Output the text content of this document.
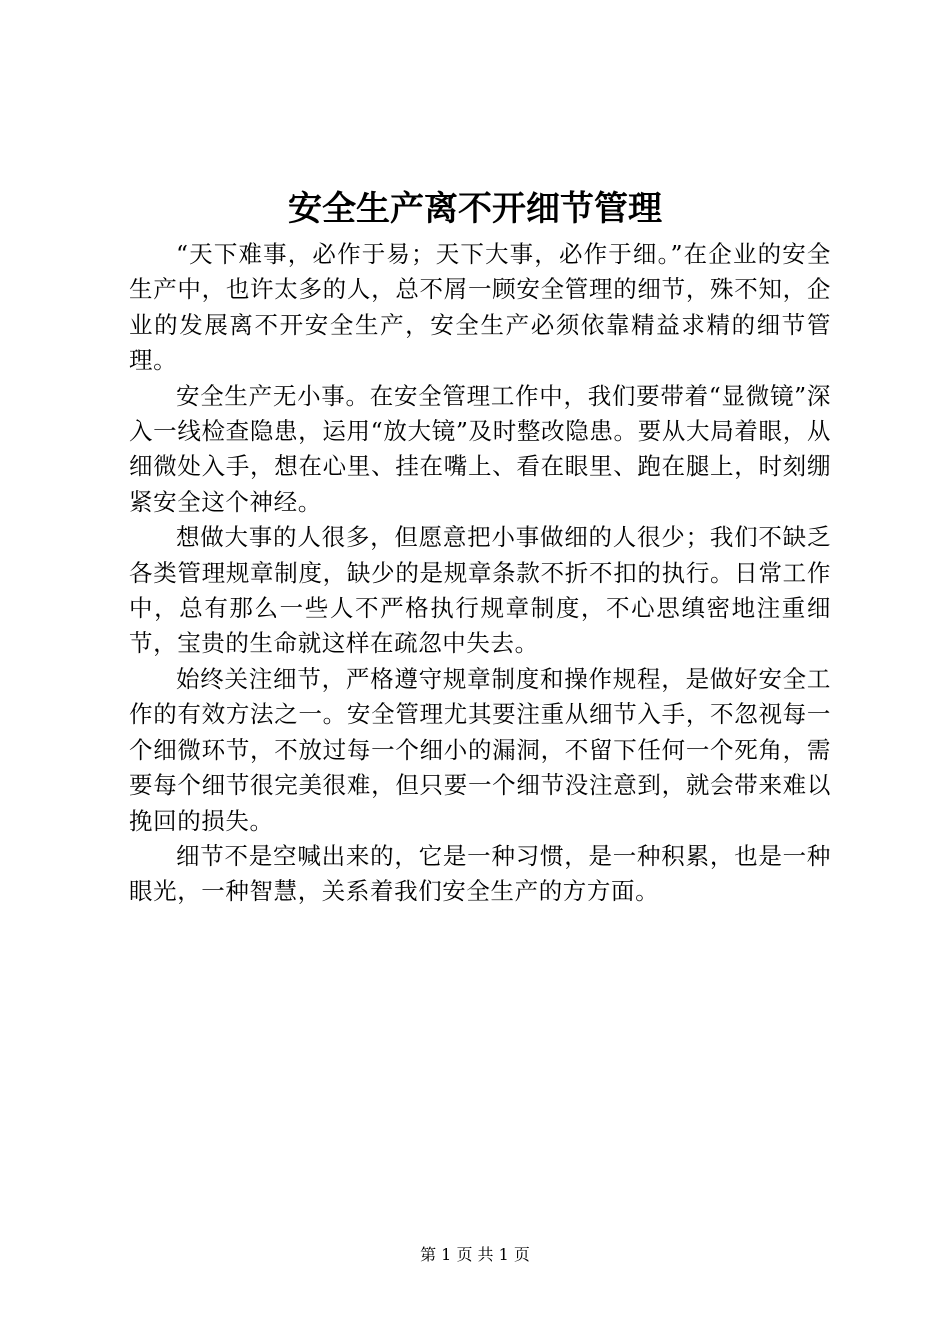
安全生产离不开细节管理

“天下难事，必作于易；天下大事，必作于细。”在企业的安全生产中，也许太多的人，总不屑一顾安全管理的细节，殊不知，企业的发展离不开安全生产，安全生产必须依靠精益求精的细节管理。

安全生产无小事。在安全管理工作中，我们要带着“显微镜”深入一线检查隐患，运用“放大镜”及时整改隐患。要从大局着眼，从细微处入手，想在心里、挂在嘴上、看在眼里、跑在腿上，时刻绷紧安全这个神经。

想做大事的人很多，但愿意把小事做细的人很少；我们不缺乏各类管理规章制度，缺少的是规章条款不折不扣的执行。日常工作中，总有那么一些人不严格执行规章制度，不心思缜密地注重细节，宝贵的生命就这样在疏忽中失去。

始终关注细节，严格遵守规章制度和操作规程，是做好安全工作的有效方法之一。安全管理尤其要注重从细节入手，不忽视每一个细微环节，不放过每一个细小的漏洞，不留下任何一个死角，需要每个细节很完美很难，但只要一个细节没注意到，就会带来难以挽回的损失。

细节不是空喊出来的，它是一种习惯，是一种积累，也是一种眼光，一种智慧，关系着我们安全生产的方方面。

第 1 页 共 1 页
